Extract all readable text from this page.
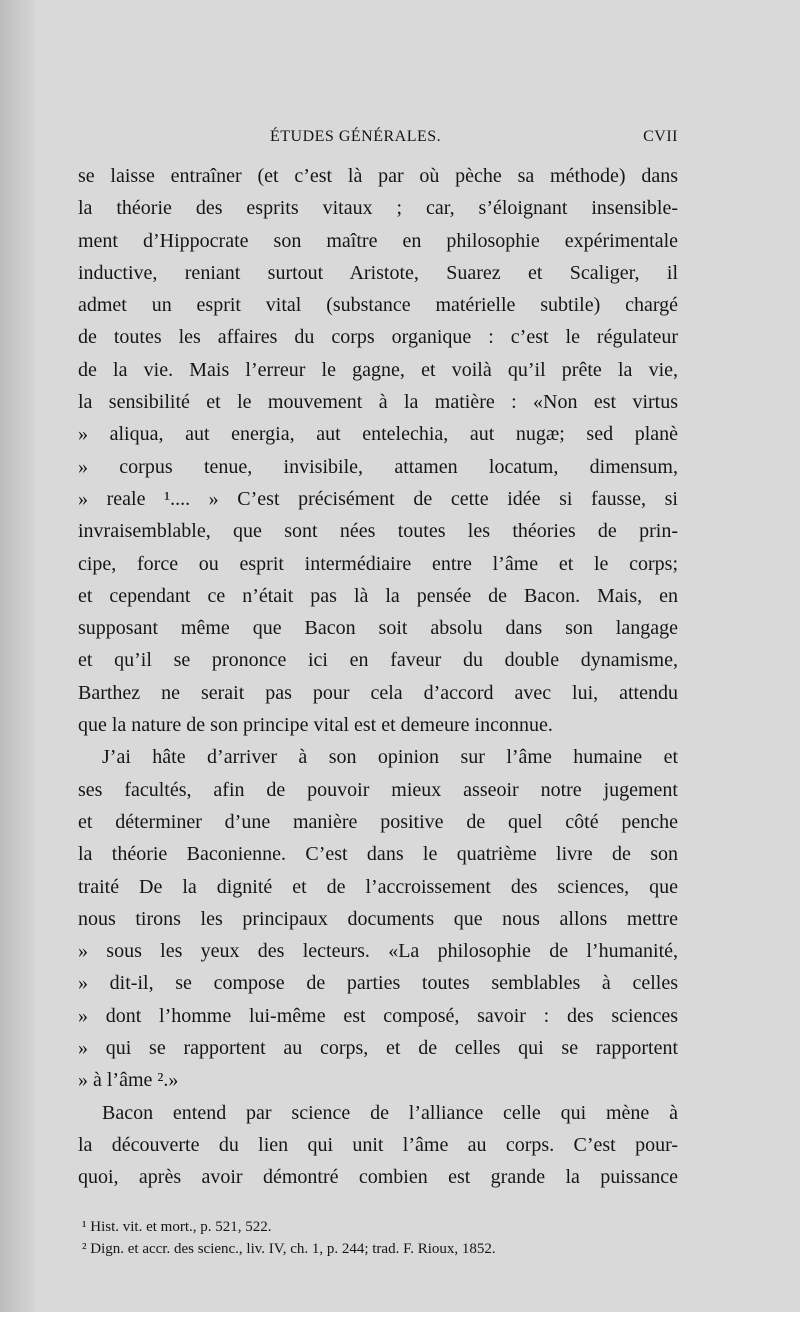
ÉTUDES GÉNÉRALES.	CVII
se laisse entraîner (et c’est là par où pèche sa méthode) dans
la théorie des esprits vitaux ; car, s’éloignant insensible-
ment d’Hippocrate son maître en philosophie expérimentale
inductive, reniant surtout Aristote, Suarez et Scaliger, il
admet un esprit vital (substance matérielle subtile) chargé
de toutes les affaires du corps organique : c’est le régulateur
de la vie. Mais l’erreur le gagne, et voilà qu’il prête la vie,
la sensibilité et le mouvement à la matière : «Non est virtus
» aliqua, aut energia, aut entelechia, aut nugæ; sed planè
» corpus tenue, invisibile, attamen locatum, dimensum,
» reale ¹.... » C’est précisément de cette idée si fausse, si
invraisemblable, que sont nées toutes les théories de prin-
cipe, force ou esprit intermédiaire entre l’âme et le corps;
et cependant ce n’était pas là la pensée de Bacon. Mais, en
supposant même que Bacon soit absolu dans son langage
et qu’il se prononce ici en faveur du double dynamisme,
Barthez ne serait pas pour cela d’accord avec lui, attendu
que la nature de son principe vital est et demeure inconnue.
J’ai hâte d’arriver à son opinion sur l’âme humaine et
ses facultés, afin de pouvoir mieux asseoir notre jugement
et déterminer d’une manière positive de quel côté penche
la théorie Baconienne. C’est dans le quatrième livre de son
traité De la dignité et de l’accroissement des sciences, que
nous tirons les principaux documents que nous allons mettre
» sous les yeux des lecteurs. «La philosophie de l’humanité,
» dit-il, se compose de parties toutes semblables à celles
» dont l’homme lui-même est composé, savoir : des sciences
» qui se rapportent au corps, et de celles qui se rapportent
» à l’âme ².»
Bacon entend par science de l’alliance celle qui mène à
la découverte du lien qui unit l’âme au corps. C’est pour-
quoi, après avoir démontré combien est grande la puissance
¹ Hist. vit. et mort., p. 521, 522.
² Dign. et accr. des scienc., liv. IV, ch. 1, p. 244; trad. F. Rioux, 1852.
